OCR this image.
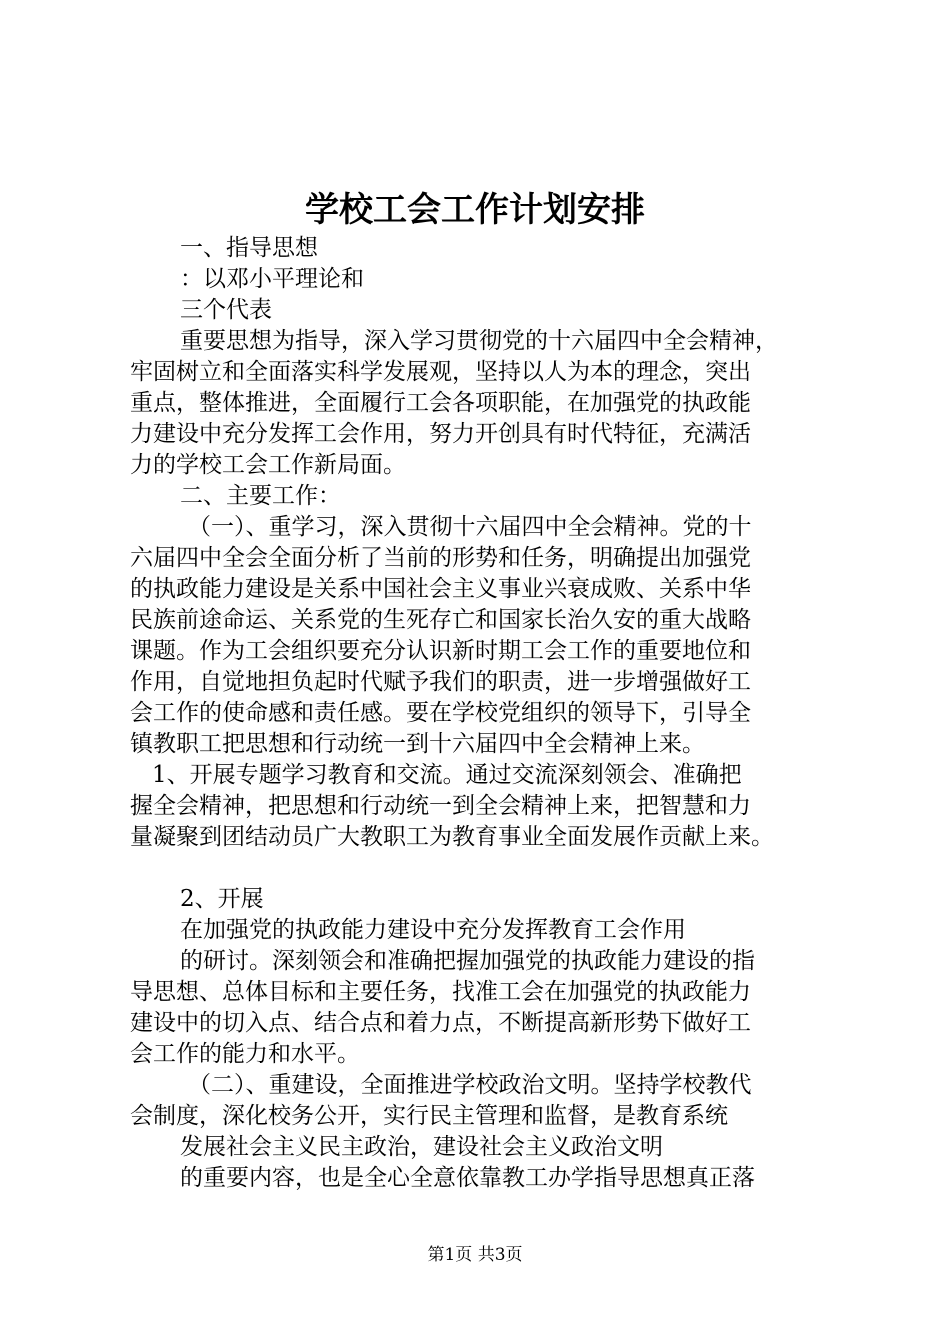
学校工会工作计划安排
一、指导思想
：以邓小平理论和
三个代表
重要思想为指导，深入学习贯彻党的十六届四中全会精神，
牢固树立和全面落实科学发展观，坚持以人为本的理念，突出
重点，整体推进，全面履行工会各项职能，在加强党的执政能
力建设中充分发挥工会作用，努力开创具有时代特征，充满活
力的学校工会工作新局面。
二、主要工作：
（一）、重学习，深入贯彻十六届四中全会精神。党的十
六届四中全会全面分析了当前的形势和任务，明确提出加强党
的执政能力建设是关系中国社会主义事业兴衰成败、关系中华
民族前途命运、关系党的生死存亡和国家长治久安的重大战略
课题。作为工会组织要充分认识新时期工会工作的重要地位和
作用，自觉地担负起时代赋予我们的职责，进一步增强做好工
会工作的使命感和责任感。要在学校党组织的领导下，引导全
镇教职工把思想和行动统一到十六届四中全会精神上来。
1、开展专题学习教育和交流。通过交流深刻领会、准确把
握全会精神，把思想和行动统一到全会精神上来，把智慧和力
量凝聚到团结动员广大教职工为教育事业全面发展作贡献上来。
2、开展
在加强党的执政能力建设中充分发挥教育工会作用
的研讨。深刻领会和准确把握加强党的执政能力建设的指
导思想、总体目标和主要任务，找准工会在加强党的执政能力
建设中的切入点、结合点和着力点，不断提高新形势下做好工
会工作的能力和水平。
（二）、重建设，全面推进学校政治文明。坚持学校教代
会制度，深化校务公开，实行民主管理和监督，是教育系统
发展社会主义民主政治，建设社会主义政治文明
的重要内容，也是全心全意依靠教工办学指导思想真正落
第1页 共3页
